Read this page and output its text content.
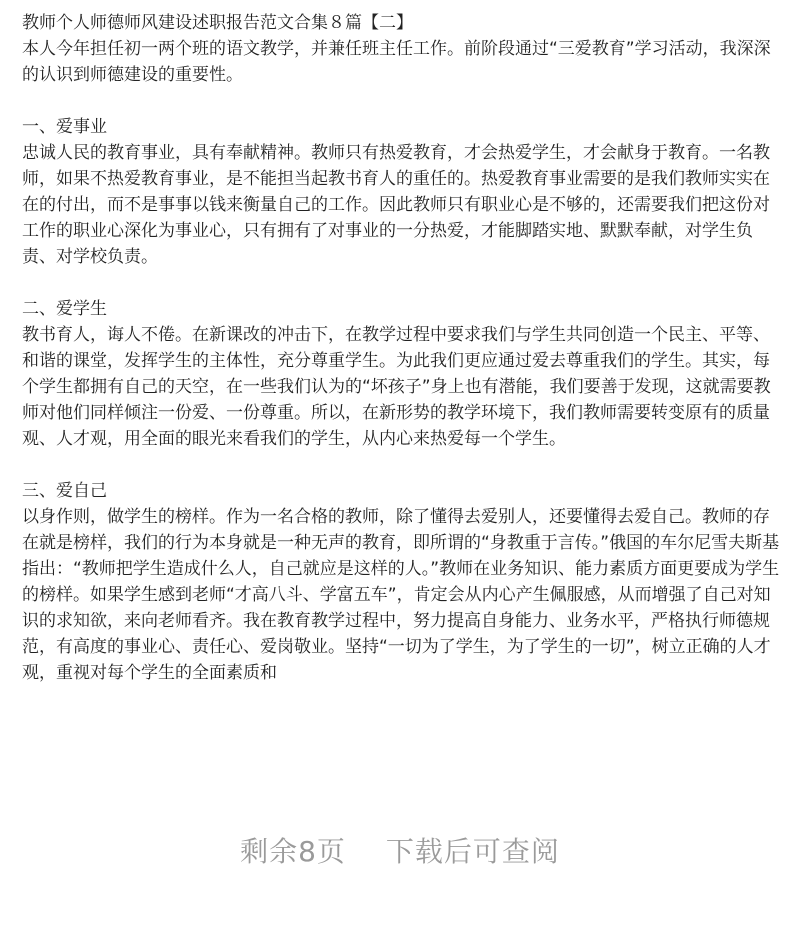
教师个人师德师风建设述职报告范文合集８篇【二】

本人今年担任初一两个班的语文教学，并兼任班主任工作。前阶段通过“三爱教育”学习活动，我深深的认识到师德建设的重要性。

一、爱事业

忠诚人民的教育事业，具有奉献精神。教师只有热爱教育，才会热爱学生，才会献身于教育。一名教师，如果不热爱教育事业，是不能担当起教书育人的重任的。热爱教育事业需要的是我们教师实实在在的付出，而不是事事以钱来衡量自己的工作。因此教师只有职业心是不够的，还需要我们把这份对工作的职业心深化为事业心，只有拥有了对事业的一分热爱，才能脚踏实地、默默奉献，对学生负责、对学校负责。

二、爱学生

教书育人，诲人不倦。在新课改的冲击下，在教学过程中要求我们与学生共同创造一个民主、平等、和谐的课堂，发挥学生的主体性，充分尊重学生。为此我们更应通过爱去尊重我们的学生。其实，每个学生都拥有自己的天空，在一些我们认为的“坏孩子”身上也有潜能，我们要善于发现，这就需要教师对他们同样倾注一份爱、一份尊重。所以，在新形势的教学环境下，我们教师需要转变原有的质量观、人才观，用全面的眼光来看我们的学生，从内心来热爱每一个学生。

三、爱自己

以身作则，做学生的榜样。作为一名合格的教师，除了懂得去爱别人，还要懂得去爱自己。教师的存在就是榜样，我们的行为本身就是一种无声的教育，即所谓的“身教重于言传。”俄国的车尔尼雪夫斯基指出：“教师把学生造成什么人，自己就应是这样的人。”教师在业务知识、能力素质方面更要成为学生的榜样。如果学生感到老师“才高八斗、学富五车”，肯定会从内心产生佩服感，从而增强了自己对知识的求知欲，来向老师看齐。我在教育教学过程中，努力提高自身能力、业务水平，严格执行师德规范，有高度的事业心、责任心、爱岗敬业。坚持“一切为了学生，为了学生的一切”，树立正确的人才观，重视对每个学生的全面素质和

剩余8页 下载后可查阅
